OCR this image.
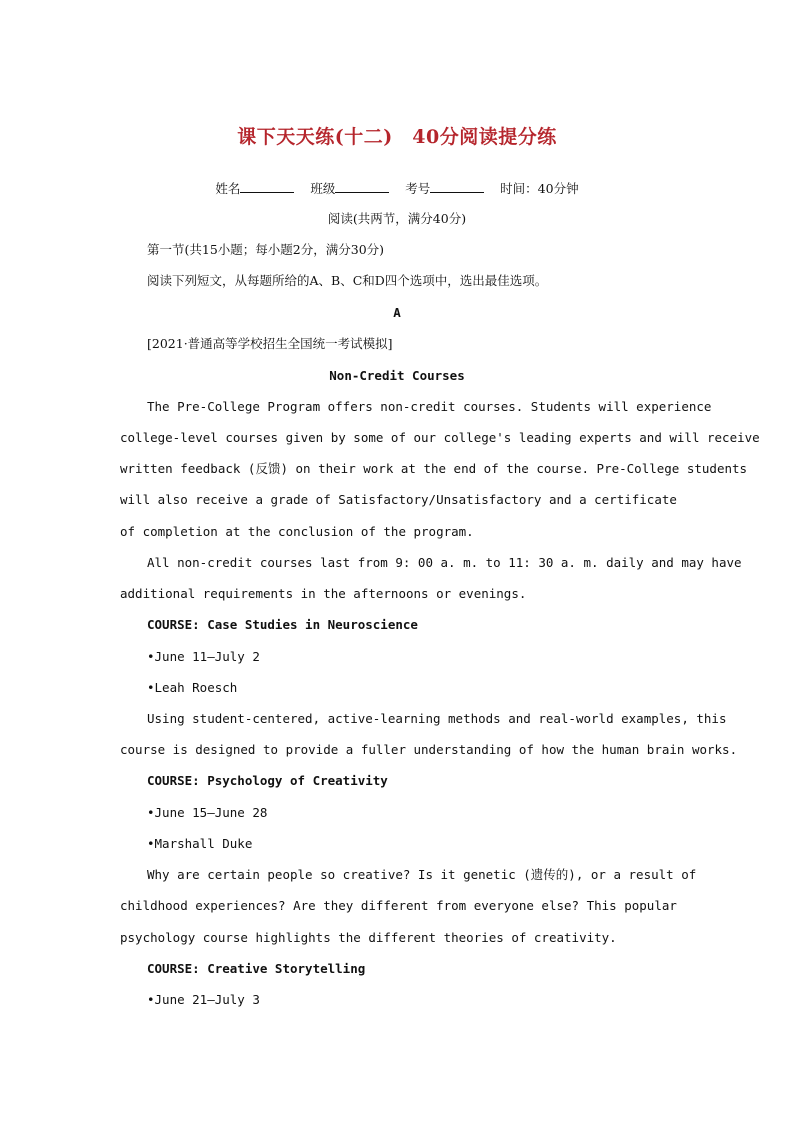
课下天天练(十二)　40分阅读提分练
姓名	班级	考号	时间：40分钟
阅读(共两节，满分40分)
第一节(共15小题；每小题2分，满分30分)
阅读下列短文，从每题所给的A、B、C和D四个选项中，选出最佳选项。
A
[2021·普通高等学校招生全国统一考试模拟]
Non-Credit Courses
The Pre-College Program offers non-credit courses. Students will experience
college-level courses given by some of our college's leading experts and will receive
written feedback (反馈) on their work at the end of the course. Pre-College students
will also receive a grade of Satisfactory/Unsatisfactory and a certificate
of completion at the conclusion of the program.
All non-credit courses last from 9: 00 a. m. to 11: 30 a. m. daily and may have
additional requirements in the afternoons or evenings.
COURSE: Case Studies in Neuroscience
•June 11—July 2
•Leah Roesch
Using student-centered, active-learning methods and real-world examples, this
course is designed to provide a fuller understanding of how the human brain works.
COURSE: Psychology of Creativity
•June 15—June 28
•Marshall Duke
Why are certain people so creative? Is it genetic (遗传的), or a result of
childhood experiences? Are they different from everyone else? This popular
psychology course highlights the different theories of creativity.
COURSE: Creative Storytelling
•June 21—July 3
